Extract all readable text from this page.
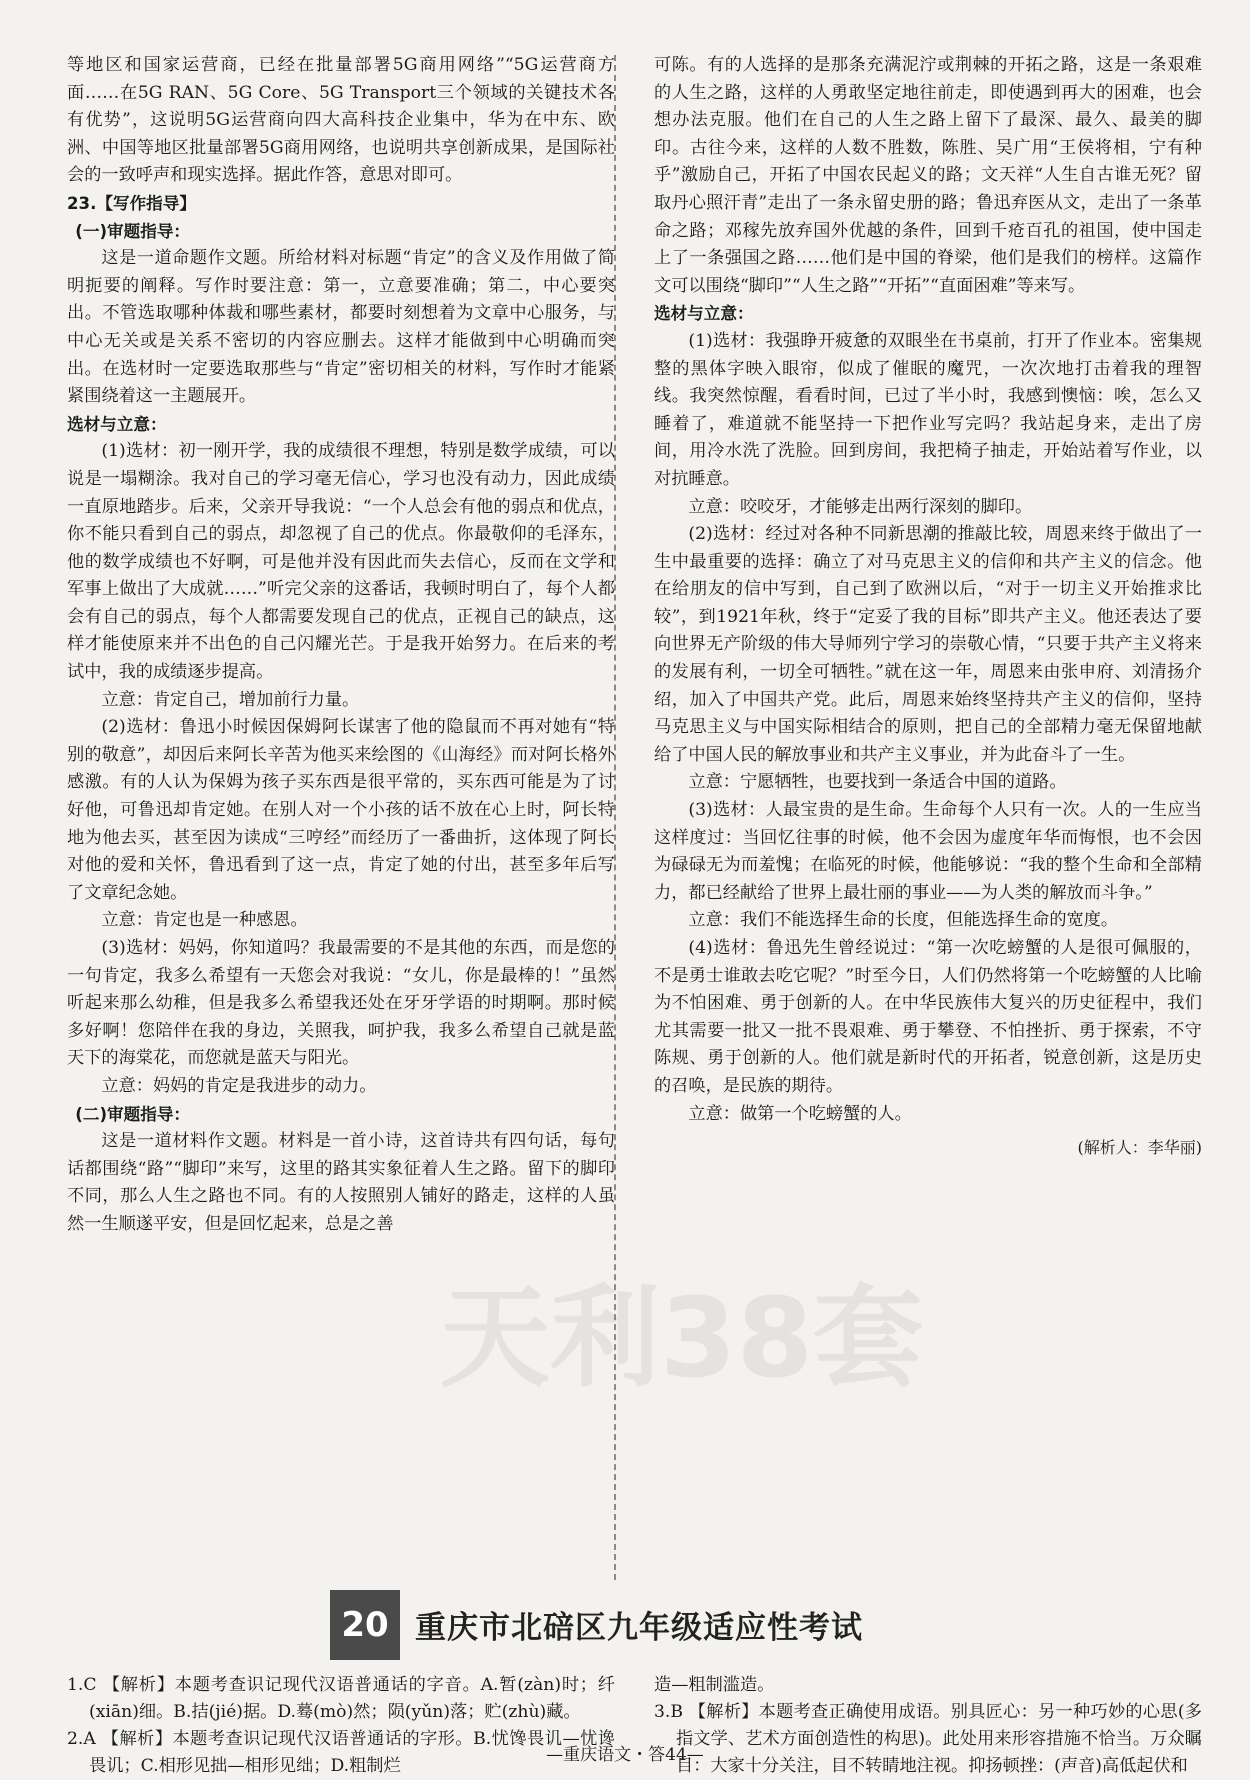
等地区和国家运营商，已经在批量部署5G商用网络”“5G运营商方面……在5G RAN、5G Core、5G Transport三个领域的关键技术各有优势”，这说明5G运营商向四大高科技企业集中，华为在中东、欧洲、中国等地区批量部署5G商用网络，也说明共享创新成果，是国际社会的一致呼声和现实选择。据此作答，意思对即可。

23.【写作指导】

(一)审题指导：

这是一道命题作文题。所给材料对标题“肯定”的含义及作用做了简明扼要的阐释。写作时要注意：第一，立意要准确；第二，中心要突出。不管选取哪种体裁和哪些素材，都要时刻想着为文章中心服务，与中心无关或是关系不密切的内容应删去。这样才能做到中心明确而突出。在选材时一定要选取那些与“肯定”密切相关的材料，写作时才能紧紧围绕着这一主题展开。

选材与立意：

(1)选材：初一刚开学，我的成绩很不理想，特别是数学成绩，可以说是一塌糊涂。我对自己的学习毫无信心，学习也没有动力，因此成绩一直原地踏步。后来，父亲开导我说：“一个人总会有他的弱点和优点，你不能只看到自己的弱点，却忽视了自己的优点。你最敬仰的毛泽东，他的数学成绩也不好啊，可是他并没有因此而失去信心，反而在文学和军事上做出了大成就……”听完父亲的这番话，我顿时明白了，每个人都会有自己的弱点，每个人都需要发现自己的优点，正视自己的缺点，这样才能使原来并不出色的自己闪耀光芒。于是我开始努力。在后来的考试中，我的成绩逐步提高。

立意：肯定自己，增加前行力量。

(2)选材：鲁迅小时候因保姆阿长谋害了他的隐鼠而不再对她有“特别的敬意”，却因后来阿长辛苦为他买来绘图的《山海经》而对阿长格外感激。有的人认为保姆为孩子买东西是很平常的，买东西可能是为了讨好他，可鲁迅却肯定她。在别人对一个小孩的话不放在心上时，阿长特地为他去买，甚至因为读成“三哼经”而经历了一番曲折，这体现了阿长对他的爱和关怀，鲁迅看到了这一点，肯定了她的付出，甚至多年后写了文章纪念她。

立意：肯定也是一种感恩。

(3)选材：妈妈，你知道吗？我最需要的不是其他的东西，而是您的一句肯定，我多么希望有一天您会对我说：“女儿，你是最棒的！”虽然听起来那么幼稚，但是我多么希望我还处在牙牙学语的时期啊。那时候多好啊！您陪伴在我的身边，关照我，呵护我，我多么希望自己就是蓝天下的海棠花，而您就是蓝天与阳光。

立意：妈妈的肯定是我进步的动力。

(二)审题指导：

这是一道材料作文题。材料是一首小诗，这首诗共有四句话，每句话都围绕“路”“脚印”来写，这里的路其实象征着人生之路。留下的脚印不同，那么人生之路也不同。有的人按照别人铺好的路走，这样的人虽然一生顺遂平安，但是回忆起来，总是之善

可陈。有的人选择的是那条充满泥泞或荆棘的开拓之路，这是一条艰难的人生之路，这样的人勇敢坚定地往前走，即使遇到再大的困难，也会想办法克服。他们在自己的人生之路上留下了最深、最久、最美的脚印。古往今来，这样的人数不胜数，陈胜、吴广用“王侯将相，宁有种乎”激励自己，开拓了中国农民起义的路；文天祥“人生自古谁无死？留取丹心照汗青”走出了一条永留史册的路；鲁迅弃医从文，走出了一条革命之路；邓稼先放弃国外优越的条件，回到千疮百孔的祖国，使中国走上了一条强国之路……他们是中国的脊梁，他们是我们的榜样。这篇作文可以围绕“脚印”“人生之路”“开拓”“直面困难”等来写。

选材与立意：

(1)选材：我强睁开疲惫的双眼坐在书桌前，打开了作业本。密集规整的黑体字映入眼帘，似成了催眠的魔咒，一次次地打击着我的理智线。我突然惊醒，看看时间，已过了半小时，我感到懊恼：唉，怎么又睡着了，难道就不能坚持一下把作业写完吗？我站起身来，走出了房间，用冷水洗了洗脸。回到房间，我把椅子抽走，开始站着写作业，以对抗睡意。

立意：咬咬牙，才能够走出两行深刻的脚印。

(2)选材：经过对各种不同新思潮的推敲比较，周恩来终于做出了一生中最重要的选择：确立了对马克思主义的信仰和共产主义的信念。他在给朋友的信中写到，自己到了欧洲以后，“对于一切主义开始推求比较”，到1921年秋，终于“定妥了我的目标”即共产主义。他还表达了要向世界无产阶级的伟大导师列宁学习的崇敬心情，“只要于共产主义将来的发展有利，一切全可牺牲。”就在这一年，周恩来由张申府、刘清扬介绍，加入了中国共产党。此后，周恩来始终坚持共产主义的信仰，坚持马克思主义与中国实际相结合的原则，把自己的全部精力毫无保留地献给了中国人民的解放事业和共产主义事业，并为此奋斗了一生。

立意：宁愿牺牲，也要找到一条适合中国的道路。

(3)选材：人最宝贵的是生命。生命每个人只有一次。人的一生应当这样度过：当回忆往事的时候，他不会因为虚度年华而悔恨，也不会因为碌碌无为而羞愧；在临死的时候，他能够说：“我的整个生命和全部精力，都已经献给了世界上最壮丽的事业——为人类的解放而斗争。”

立意：我们不能选择生命的长度，但能选择生命的宽度。

(4)选材：鲁迅先生曾经说过：“第一次吃螃蟹的人是很可佩服的，不是勇士谁敢去吃它呢？”时至今日，人们仍然将第一个吃螃蟹的人比喻为不怕困难、勇于创新的人。在中华民族伟大复兴的历史征程中，我们尤其需要一批又一批不畏艰难、勇于攀登、不怕挫折、勇于探索，不守陈规、勇于创新的人。他们就是新时代的开拓者，锐意创新，这是历史的召唤，是民族的期待。

立意：做第一个吃螃蟹的人。

(解析人：李华丽)

天利38套
20 重庆市北碚区九年级适应性考试

1.C 【解析】本题考查识记现代汉语普通话的字音。A.暂(zàn)时；纤(xiān)细。B.拮(jié)据。D.蓦(mò)然；陨(yǔn)落；贮(zhù)藏。

2.A 【解析】本题考查识记现代汉语普通话的字形。B.忧馋畏讥—忧谗畏讥；C.相形见拙—相形见绌；D.粗制烂

造—粗制滥造。

3.B 【解析】本题考查正确使用成语。别具匠心：另一种巧妙的心思(多指文学、艺术方面创造性的构思)。此处用来形容措施不恰当。万众瞩目：大家十分关注，目不转睛地注视。抑扬顿挫：(声音)高低起伏和

—重庆语文・答44—
